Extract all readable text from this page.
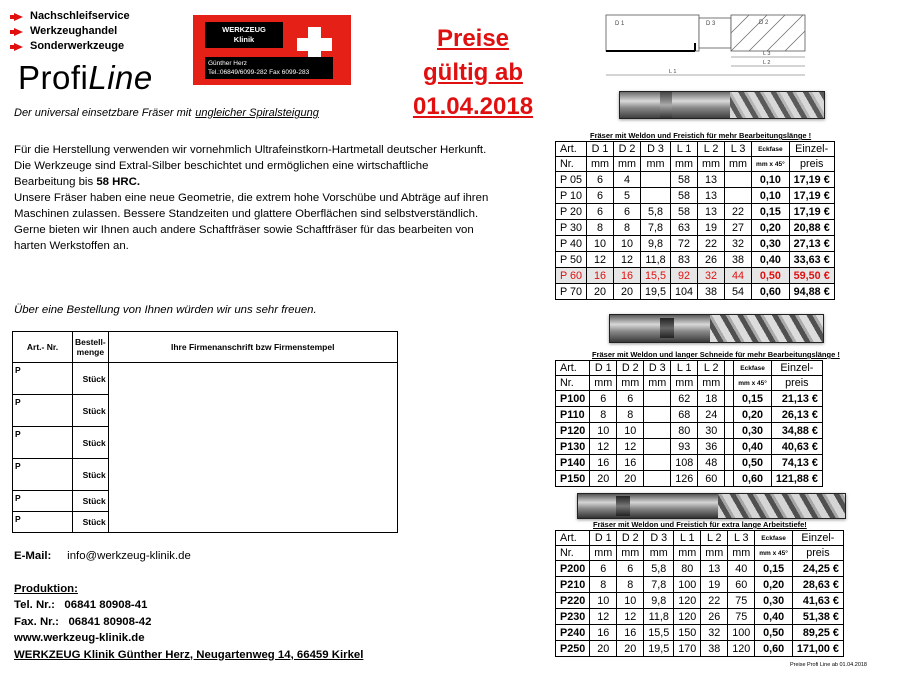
Nachschleifservice
Werkzeughandel
Sonderwerkzeuge
ProfiLine
Der universal einsetzbare Fräser mit ungleicher Spiralsteigung
WERKZEUG
Klinik
Günther Herz
Tel.:06849/6099-282 Fax 6099-283
Preise
gültig ab
01.04.2018

Für die Herstellung verwenden wir vornehmlich Ultrafeinstkorn-Hartmetall deutscher Herkunft.

Die Werkzeuge sind Extral-Silber beschichtet und ermöglichen eine wirtschaftliche Bearbeitung bis 58 HRC.

Unsere Fräser haben eine neue Geometrie, die extrem hohe Vorschübe und Abträge auf ihren Maschinen zulassen. Bessere Standzeiten und glattere Oberflächen sind selbstverständlich.

Gerne bieten wir Ihnen auch andere Schaftfräser sowie Schaftfräser für das bearbeiten von harten Werkstoffen an.

Über eine Bestellung von Ihnen würden wir uns sehr freuen.
Art.- Nr.	Bestell- menge	Ihre Firmenanschrift bzw Firmenstempel
P	Stück	
P	Stück	
P	Stück	
P	Stück	
P	Stück	
P	Stück	
E-Mail: info@werkzeug-klinik.de
Produktion:
Tel. Nr.:   06841 80908-41
Fax. Nr.:   06841 80908-42
www.werkzeug-klinik.de
WERKZEUG Klinik Günther Herz, Neugartenweg 14, 66459 Kirkel
D 1	D 3	D 2
L 3
L 2
L 1
Fräser mit Weldon und Freistich für mehr Bearbeitungslänge !
Art.	D 1	D 2	D 3	L 1	L 2	L 3	Eckfase	Einzel-
Nr.	mm	mm	mm	mm	mm	mm	mm x 45°	preis
P 05	6	4		58	13		0,10	17,19 €
P 10	6	5		58	13		0,10	17,19 €
P 20	6	6	5,8	58	13	22	0,15	17,19 €
P 30	8	8	7,8	63	19	27	0,20	20,88 €
P 40	10	10	9,8	72	22	32	0,30	27,13 €
P 50	12	12	11,8	83	26	38	0,40	33,63 €
P 60	16	16	15,5	92	32	44	0,50	59,50 €
P 70	20	20	19,5	104	38	54	0,60	94,88 €
Fräser mit Weldon und langer Schneide für mehr Bearbeitungslänge !
Art.	D 1	D 2	D 3	L 1	L 2		Eckfase	Einzel-
Nr.	mm	mm	mm	mm	mm		mm x 45°	preis
P100	6	6		62	18		0,15	21,13 €
P110	8	8		68	24		0,20	26,13 €
P120	10	10		80	30		0,30	34,88 €
P130	12	12		93	36		0,40	40,63 €
P140	16	16		108	48		0,50	74,13 €
P150	20	20		126	60		0,60	121,88 €
Fräser mit Weldon und Freistich für extra lange Arbeitstiefe!
Art.	D 1	D 2	D 3	L 1	L 2	L 3	Eckfase	Einzel-
Nr.	mm	mm	mm	mm	mm	mm	mm x 45°	preis
P200	6	6	5,8	80	13	40	0,15	24,25 €
P210	8	8	7,8	100	19	60	0,20	28,63 €
P220	10	10	9,8	120	22	75	0,30	41,63 €
P230	12	12	11,8	120	26	75	0,40	51,38 €
P240	16	16	15,5	150	32	100	0,50	89,25 €
P250	20	20	19,5	170	38	120	0,60	171,00 €
Preise Profi Line ab 01.04.2018
